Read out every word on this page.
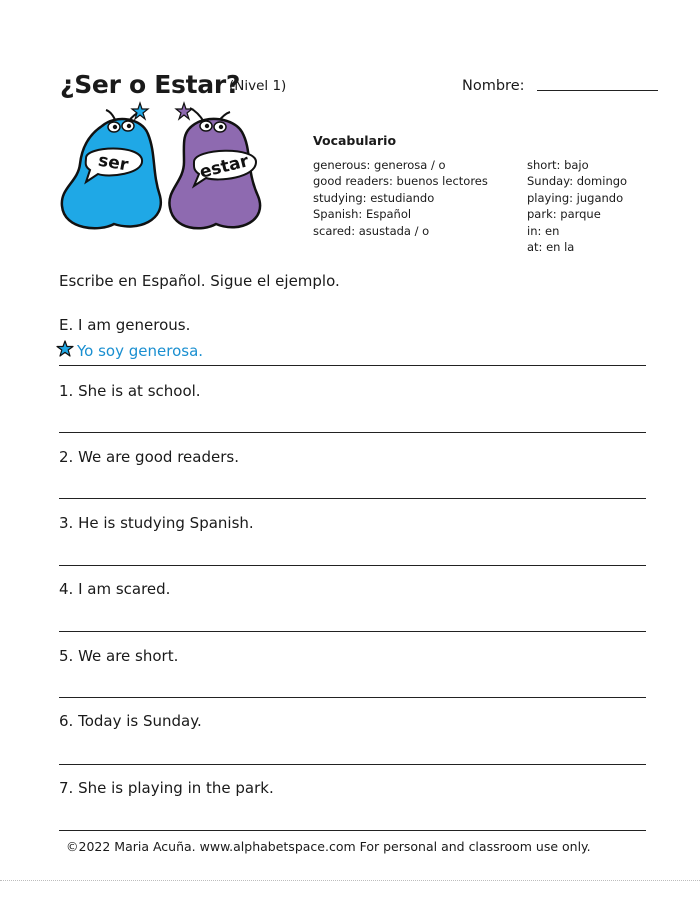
¿Ser o Estar?
(Nivel 1)	Nombre:
ser	estar
Vocabulario
generous: generosa / o
good readers: buenos lectores
studying: estudiando
Spanish: Español
scared: asustada / o
short: bajo
Sunday: domingo
playing: jugando
park: parque
in: en
at: en la
Escribe en Español. Sigue el ejemplo.
E. I am generous.
Yo soy generosa.
1. She is at school.
2. We are good readers.
3. He is studying Spanish.
4. I am scared.
5. We are short.
6. Today is Sunday.
7. She is playing in the park.
©2022 Maria Acuña. www.alphabetspace.com For personal and classroom use only.
